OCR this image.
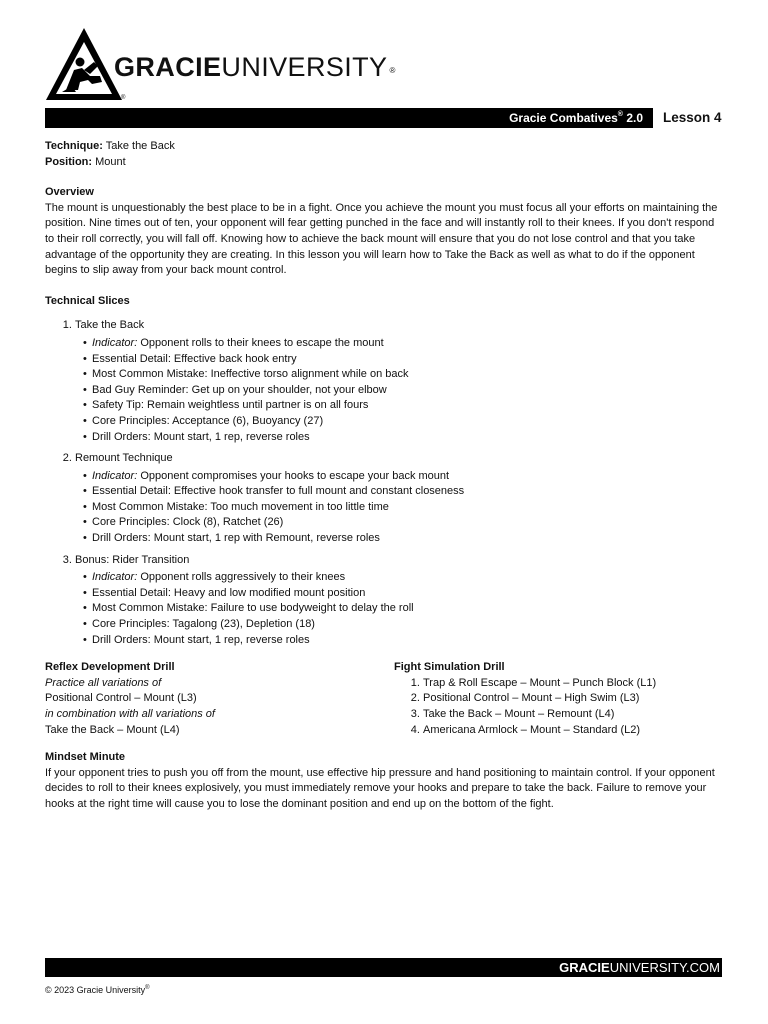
GRACIEUNIVERSITY ®
®
Gracie Combatives® 2.0 Lesson 4
Technique: Take the Back
Position: Mount
Overview

The mount is unquestionably the best place to be in a fight. Once you achieve the mount you must focus all your efforts on maintaining the position. Nine times out of ten, your opponent will fear getting punched in the face and will instantly roll to their knees. If you don't respond to their roll correctly, you will fall off. Knowing how to achieve the back mount will ensure that you do not lose control and that you take advantage of the opportunity they are creating. In this lesson you will learn how to Take the Back as well as what to do if the opponent begins to slip away from your back mount control.

Technical Slices
1. Take the Back
• Indicator: Opponent rolls to their knees to escape the mount
• Essential Detail: Effective back hook entry
• Most Common Mistake: Ineffective torso alignment while on back
• Bad Guy Reminder: Get up on your shoulder, not your elbow
• Safety Tip: Remain weightless until partner is on all fours
• Core Principles: Acceptance (6), Buoyancy (27)
• Drill Orders: Mount start, 1 rep, reverse roles
2. Remount Technique
• Indicator: Opponent compromises your hooks to escape your back mount
• Essential Detail: Effective hook transfer to full mount and constant closeness
• Most Common Mistake: Too much movement in too little time
• Core Principles: Clock (8), Ratchet (26)
• Drill Orders: Mount start, 1 rep with Remount, reverse roles
3. Bonus: Rider Transition
• Indicator: Opponent rolls aggressively to their knees
• Essential Detail: Heavy and low modified mount position
• Most Common Mistake: Failure to use bodyweight to delay the roll
• Core Principles: Tagalong (23), Depletion (18)
• Drill Orders: Mount start, 1 rep, reverse roles
Reflex Development Drill
Practice all variations of
Positional Control – Mount (L3)
in combination with all variations of
Take the Back – Mount (L4)
Fight Simulation Drill
1. Trap & Roll Escape – Mount – Punch Block (L1)
2. Positional Control – Mount – High Swim (L3)
3. Take the Back – Mount – Remount (L4)
4. Americana Armlock – Mount – Standard (L2)
Mindset Minute

If your opponent tries to push you off from the mount, use effective hip pressure and hand positioning to maintain control. If your opponent decides to roll to their knees explosively, you must immediately remove your hooks and prepare to take the back. Failure to remove your hooks at the right time will cause you to lose the dominant position and end up on the bottom of the fight.

GRACIEUNIVERSITY.COM
© 2023 Gracie University®
